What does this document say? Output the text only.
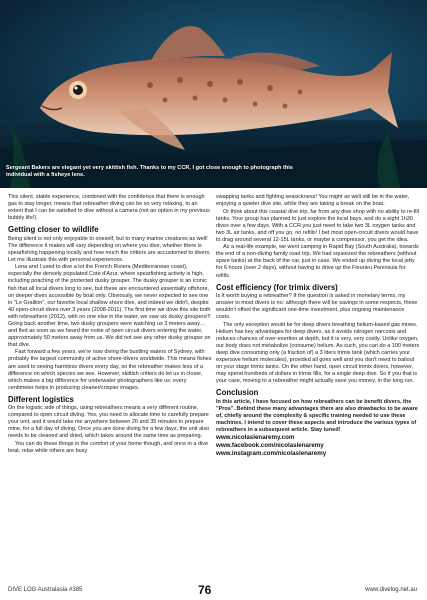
Sergeant Bakers are elegant yet very skittish fish. Thanks to my CCR, I got close enough to photograph this individual with a fisheye lens.

This silent, stable experience, combined with the confidence that there is enough gas to stay longer, means that rebreather diving can be so very relaxing, to an extent that I can be satisfied to dive without a camera (not an option in my previous bubbly life!).

Getting closer to wildlife

Being silent is not only enjoyable to oneself, but to many marine creatures as well! The difference it makes will vary depending on where you dive, whether there is spearfishing happening locally and how much the critters are accustomed to divers. Let me illustrate this with personal experiences.

Lena and I used to dive a lot the French Riviera (Mediterranean coast), especially the densely populated Cote d'Azur, where spearfishing activity is high, including poaching of the protected dusky grouper. The dusky grouper is an iconic fish that all local divers long to see, but these are encountered essentially offshore, on deeper dives accessible by boat only. Obviously, we never expected to see one in "Le Graillon", our favorite local shallow shore dive, and indeed we didn't, despite 40 open-circuit dives over 3 years (2008-2011). The first time we dove this site both with rebreathers (2012), with no one else in the water, we saw six dusky groupers!!! Going back another time, two dusky groupers were watching us 3 meters away… and fled as soon as we heard the noise of open circuit divers entering the water, approximately 50 meters away from us. We did not see any other dusky grouper on that dive.

Fast forward a few years, we're now diving the bustling waters of Sydney, with probably the largest community of active shore-divers worldwide. This means fishes are used to seeing harmless divers every day, so the rebreather makes less of a difference on which species we see. However, skittish critters do let us in closer, which makes a big difference for underwater photographers like us: every centimeter helps in producing cleaner/crispier images.

Different logistics

On the logistic side of things, using rebreathers means a very different routine, compared to open circuit diving. Yes, you need to allocate time to carefully prepare your unit, and it would take me anywhere between 20 and 35 minutes to prepare mine, for a full day of diving. Once you are done diving for a few days, the unit also needs to be cleaned and dried, which takes around the same time as preparing.

You can do these things in the comfort of your home though, and once in a dive boat, relax while others are busy

swapping tanks and fighting seasickness! You might as well still be in the water, enjoying a quieter dive site, while they are taking a break on the boat.

Or think about this coastal dive trip, far from any dive shop with no ability to re-fill tanks. Your group has planned to just explore the local bays, and do a eight 1h30 dives over a few days. With a CCR you just need to take two 3L oxygen tanks and two 3L air tanks, and off you go, no refills! I bet most open-circuit divers would have to drag around several 12-15L tanks, or maybe a compressor, you get the idea.

As a real-life example, we went camping in Rapid Bay (South Australia), towards the end of a non-diving family road trip. We had squeezed the rebreathers (without spare tanks) at the back of the car, just in case. We ended up diving the local jetty for 6 hours (over 2 days), without having to drive up the Fleurieu Peninsula for refills.

Cost efficiency (for trimix divers)

Is it worth buying a rebreather? If the question is asked in monetary terms, my answer to most divers is no: although there will be savings in some respects, these wouldn't offset the significant one-time investment, plus ongoing maintenance costs.

The only exception would be for deep divers breathing helium-based gas mixes. Helium has key advantages for deep divers, as it avoids nitrogen narcosis and reduces chances of over-exertion at depth, but it is very, very costly. Unlike oxygen, our body does not metabolize (consume) helium. As such, you can do a 100 meters deep dive consuming only (a fraction of) a 3 liters trimix tank (which carries your expensive helium molecules), provided all goes well and you don't need to bailout on your stage trimix tanks. On the other hand, open circuit trimix divers, however, may spend hundreds of dollars in trimix fills, for a single deep dive. So if you that is your case, moving to a rebreather might actually save you money, in the long run.

Conclusion

In this article, I have focused on how rebreathers can be benefit divers, the "Pros". Behind these many advantages there are also drawbacks to be aware of, chiefly around the complexity & specific training needed to use these machines. I intend to cover these aspects and introduce the various types of rebreathers in a subsequent article. Stay tuned!

www.nicolaslenaremy.com
www.facebook.com/nicolaslenaremy
www.instagram.com/nicolaslenaremy
DIVE LOG Australasia #385	76	www.divelog.net.au
